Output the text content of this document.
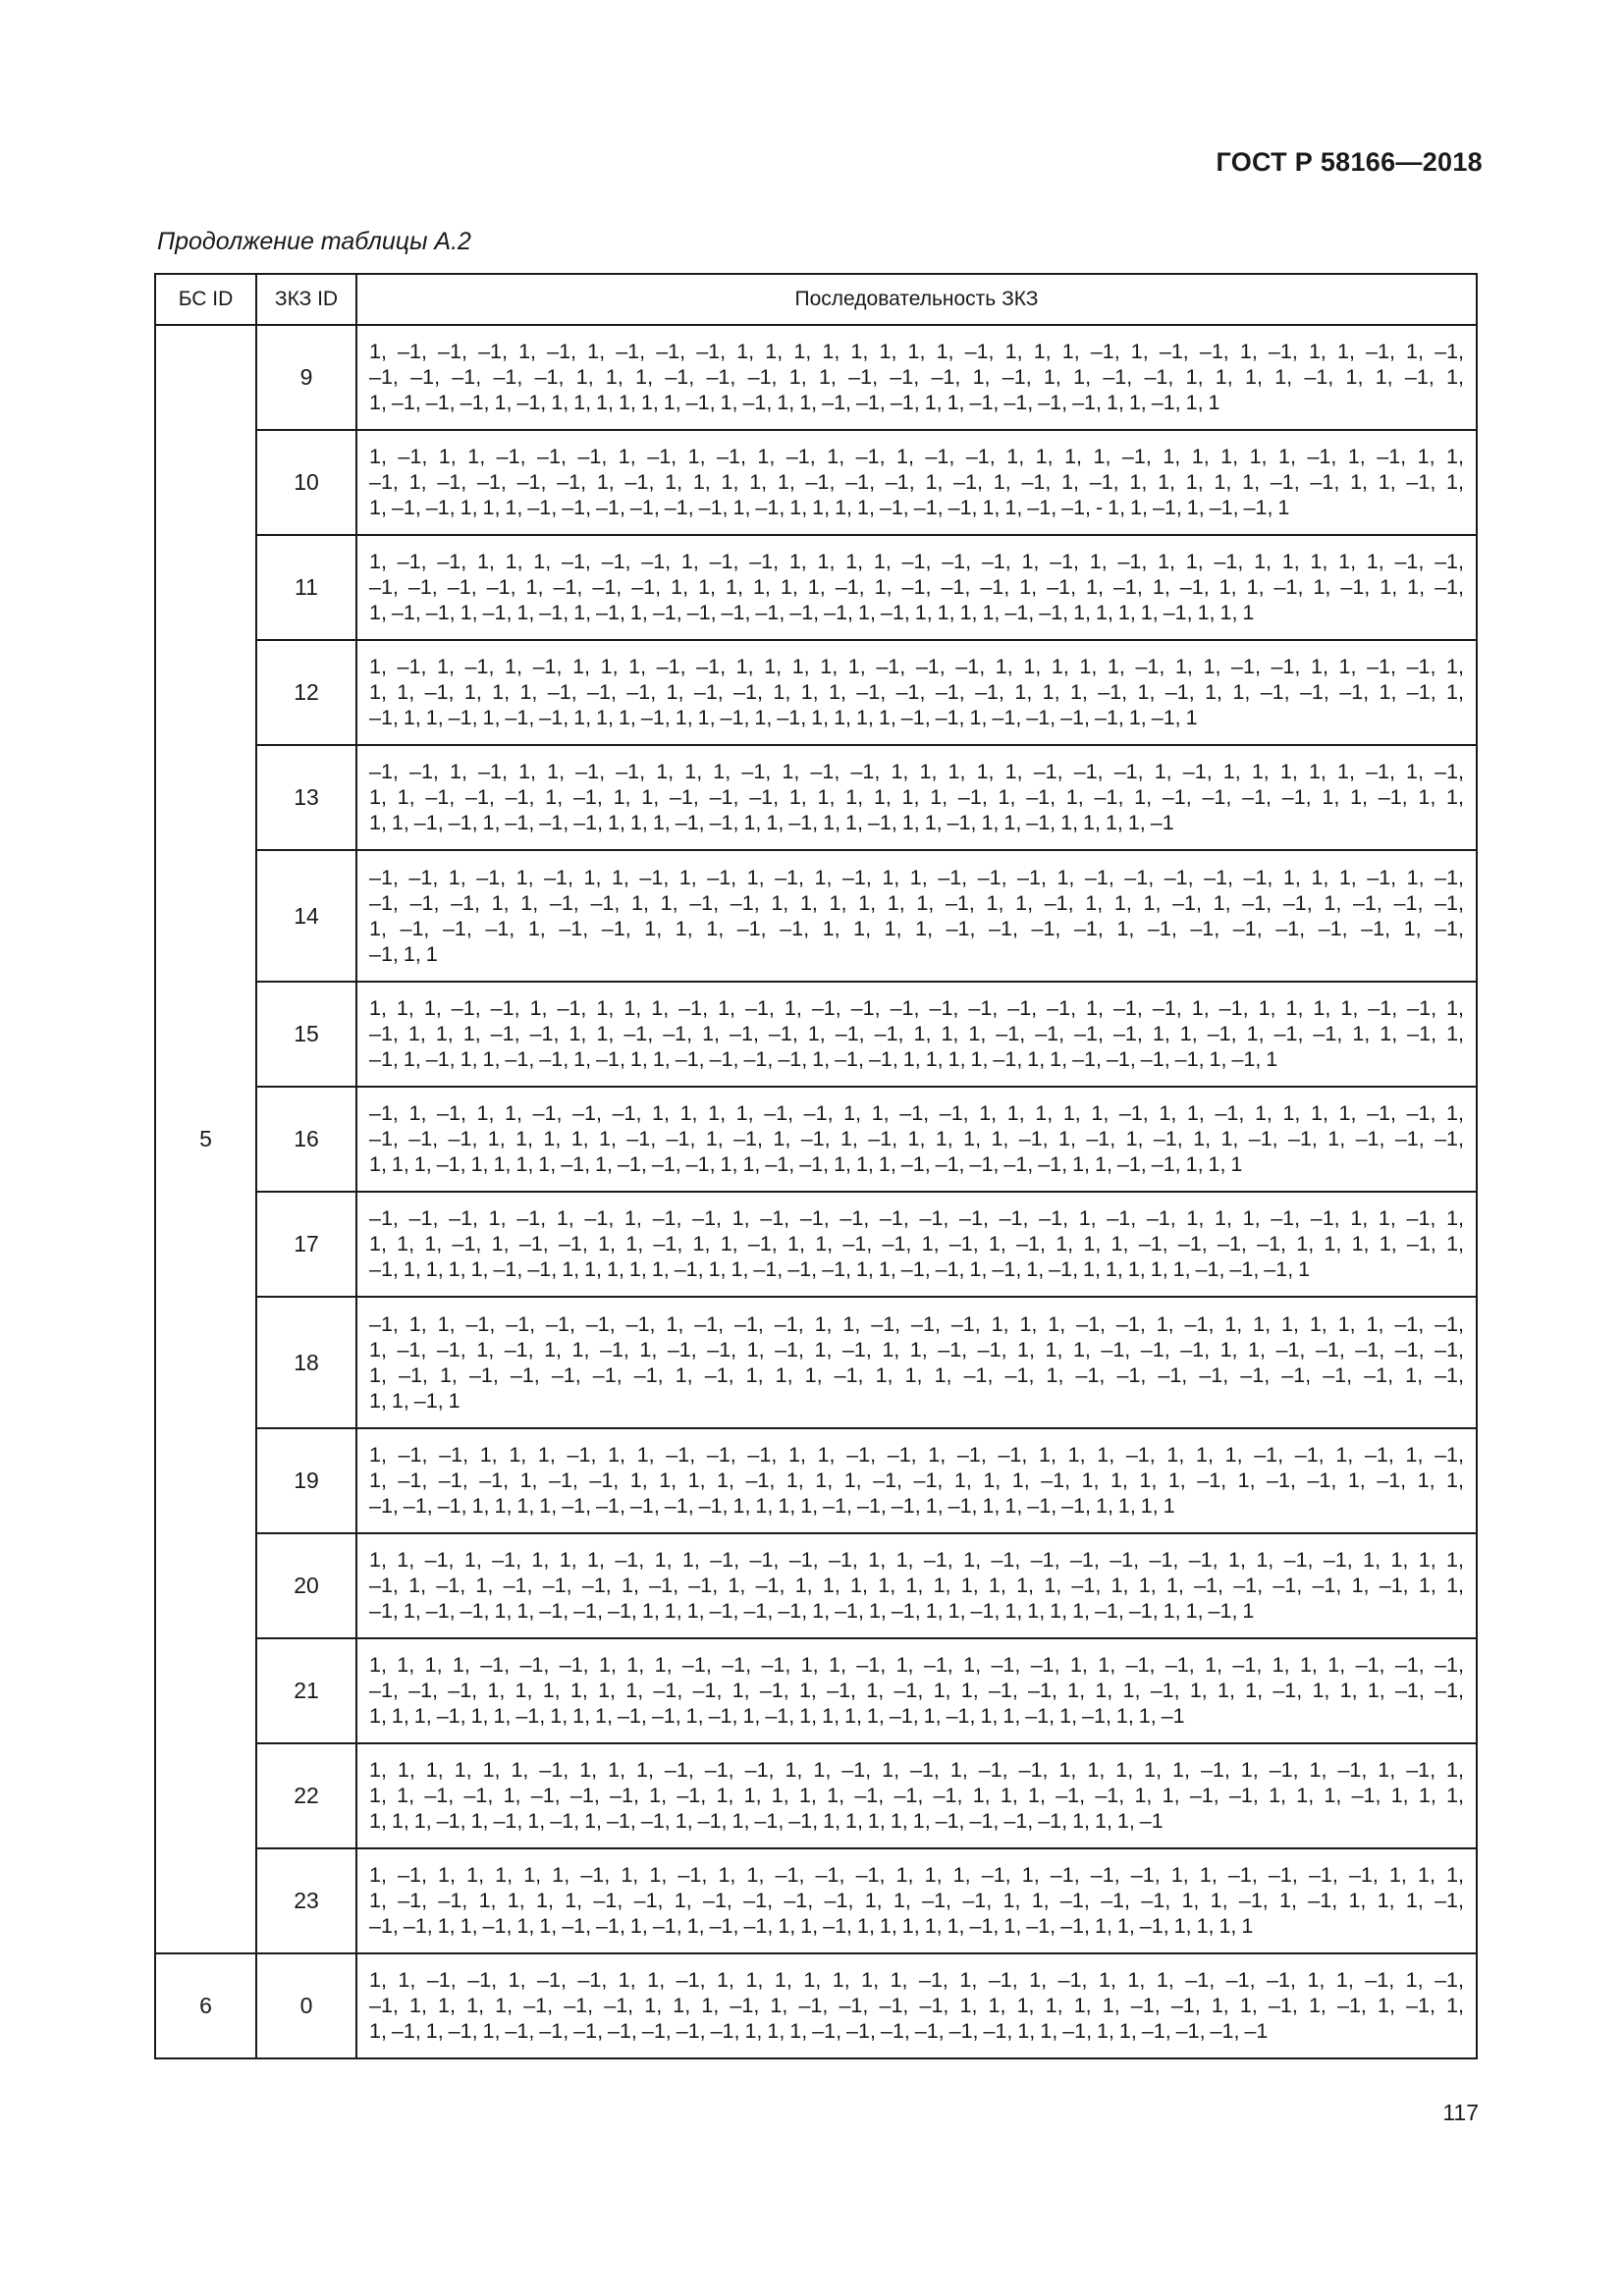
ГОСТ Р 58166—2018
Продолжение таблицы А.2
БС ID	ЗКЗ ID	Последовательность ЗКЗ
5	9	1, –1, –1, –1, 1, –1, 1, –1, –1, –1, 1, 1, 1, 1, 1, 1, 1, 1, –1, 1, 1, 1, –1, 1, –1, –1, 1, –1, 1, 1, –1, 1, –1,
–1, –1, –1, –1, –1, 1, 1, 1, –1, –1, –1, 1, 1, –1, –1, –1, 1, –1, 1, 1, –1, –1, 1, 1, 1, 1, –1, 1, 1, –1, 1,
1, –1, –1, –1, 1, –1, 1, 1, 1, 1, 1, 1, –1, 1, –1, 1, 1, –1, –1, –1, 1, 1, –1, –1, –1, –1, 1, 1, –1, 1, 1

	10	1, –1, 1, 1, –1, –1, –1, 1, –1, 1, –1, 1, –1, 1, –1, 1, –1, –1, 1, 1, 1, 1, –1, 1, 1, 1, 1, 1, –1, 1, –1, 1, 1,
–1, 1, –1, –1, –1, –1, 1, –1, 1, 1, 1, 1, 1, –1, –1, –1, 1, –1, 1, –1, 1, –1, 1, 1, 1, 1, 1, –1, –1, 1, 1, –1, 1,
1, –1, –1, 1, 1, 1, –1, –1, –1, –1, –1, –1, 1, –1, 1, 1, 1, 1, –1, –1, –1, 1, 1, –1, –1, - 1, 1, –1, 1, –1, –1, 1

	11	1, –1, –1, 1, 1, 1, –1, –1, –1, 1, –1, –1, 1, 1, 1, 1, –1, –1, –1, 1, –1, 1, –1, 1, 1, –1, 1, 1, 1, 1, 1, –1, –1,
–1, –1, –1, –1, 1, –1, –1, –1, 1, 1, 1, 1, 1, 1, –1, 1, –1, –1, –1, 1, –1, 1, –1, 1, –1, 1, 1, –1, 1, –1, 1, 1, –1,
1, –1, –1, 1, –1, 1, –1, 1, –1, 1, –1, –1, –1, –1, –1, –1, 1, –1, 1, 1, 1, 1, –1, –1, 1, 1, 1, 1, –1, 1, 1, 1

	12	1, –1, 1, –1, 1, –1, 1, 1, 1, –1, –1, 1, 1, 1, 1, 1, –1, –1, –1, 1, 1, 1, 1, 1, –1, 1, 1, –1, –1, 1, 1, –1, –1, 1,
1, 1, –1, 1, 1, 1, –1, –1, –1, 1, –1, –1, 1, 1, 1, –1, –1, –1, –1, 1, 1, 1, –1, 1, –1, 1, 1, –1, –1, –1, 1, –1, 1,
–1, 1, 1, –1, 1, –1, –1, 1, 1, 1, –1, 1, 1, –1, 1, –1, 1, 1, 1, 1, –1, –1, 1, –1, –1, –1, –1, 1, –1, 1

	13	–1, –1, 1, –1, 1, 1, –1, –1, 1, 1, 1, –1, 1, –1, –1, 1, 1, 1, 1, 1, –1, –1, –1, 1, –1, 1, 1, 1, 1, 1, –1, 1, –1,
1, 1, –1, –1, –1, 1, –1, 1, 1, –1, –1, –1, 1, 1, 1, 1, 1, 1, –1, 1, –1, 1, –1, 1, –1, –1, –1, –1, 1, 1, –1, 1, 1,
1, 1, –1, –1, 1, –1, –1, –1, 1, 1, 1, –1, –1, 1, 1, –1, 1, 1, –1, 1, 1, –1, 1, 1, –1, 1, 1, 1, 1, –1

	14	–1, –1, 1, –1, 1, –1, 1, 1, –1, 1, –1, 1, –1, 1, –1, 1, 1, –1, –1, –1, 1, –1, –1, –1, –1, –1, 1, 1, 1, –1, 1, –1,
–1, –1, –1, 1, 1, –1, –1, 1, 1, –1, –1, 1, 1, 1, 1, 1, 1, –1, 1, 1, –1, 1, 1, 1, –1, 1, –1, –1, 1, –1, –1, –1,
1, –1, –1, –1, 1, –1, –1, 1, 1, 1, –1, –1, 1, 1, 1, 1, –1, –1, –1, –1, 1, –1, –1, –1, –1, –1, –1, 1, –1,
–1, 1, 1

	15	1, 1, 1, –1, –1, 1, –1, 1, 1, 1, –1, 1, –1, 1, –1, –1, –1, –1, –1, –1, –1, 1, –1, –1, 1, –1, 1, 1, 1, 1, –1, –1, 1,
–1, 1, 1, 1, –1, –1, 1, 1, –1, –1, 1, –1, –1, 1, –1, –1, 1, 1, 1, –1, –1, –1, –1, 1, 1, –1, 1, –1, –1, 1, 1, –1, 1,
–1, 1, –1, 1, 1, –1, –1, 1, –1, 1, 1, –1, –1, –1, –1, 1, –1, –1, 1, 1, 1, 1, –1, 1, 1, –1, –1, –1, –1, 1, –1, 1

	16	–1, 1, –1, 1, 1, –1, –1, –1, 1, 1, 1, 1, –1, –1, 1, 1, –1, –1, 1, 1, 1, 1, 1, –1, 1, 1, –1, 1, 1, 1, 1, –1, –1, 1,
–1, –1, –1, 1, 1, 1, 1, 1, –1, –1, 1, –1, 1, –1, 1, –1, 1, 1, 1, 1, –1, 1, –1, 1, –1, 1, 1, –1, –1, 1, –1, –1, –1,
1, 1, 1, –1, 1, 1, 1, 1, –1, 1, –1, –1, –1, 1, 1, –1, –1, 1, 1, 1, –1, –1, –1, –1, –1, 1, 1, –1, –1, 1, 1, 1

	17	–1, –1, –1, 1, –1, 1, –1, 1, –1, –1, 1, –1, –1, –1, –1, –1, –1, –1, –1, 1, –1, –1, 1, 1, 1, –1, –1, 1, 1, –1, 1,
1, 1, 1, –1, 1, –1, –1, 1, 1, –1, 1, 1, –1, 1, 1, –1, –1, 1, –1, 1, –1, 1, 1, 1, –1, –1, –1, –1, 1, 1, 1, 1, –1, 1,
–1, 1, 1, 1, 1, –1, –1, 1, 1, 1, 1, 1, –1, 1, 1, –1, –1, –1, 1, 1, –1, –1, 1, –1, 1, –1, 1, 1, 1, 1, 1, –1, –1, –1, 1

	18	–1, 1, 1, –1, –1, –1, –1, –1, 1, –1, –1, –1, 1, 1, –1, –1, –1, 1, 1, 1, –1, –1, 1, –1, 1, 1, 1, 1, 1, 1, –1, –1,
1, –1, –1, 1, –1, 1, 1, –1, 1, –1, –1, 1, –1, 1, –1, 1, 1, –1, –1, 1, 1, 1, –1, –1, –1, 1, 1, –1, –1, –1, –1, –1,
1, –1, 1, –1, –1, –1, –1, –1, 1, –1, 1, 1, 1, –1, 1, 1, 1, –1, –1, 1, –1, –1, –1, –1, –1, –1, –1, –1, 1, –1,
1, 1, –1, 1

	19	1, –1, –1, 1, 1, 1, –1, 1, 1, –1, –1, –1, 1, 1, –1, –1, 1, –1, –1, 1, 1, 1, –1, 1, 1, 1, –1, –1, 1, –1, 1, –1,
1, –1, –1, –1, 1, –1, –1, 1, 1, 1, 1, –1, 1, 1, 1, –1, –1, 1, 1, 1, –1, 1, 1, 1, 1, –1, 1, –1, –1, 1, –1, 1, 1,
–1, –1, –1, 1, 1, 1, 1, –1, –1, –1, –1, –1, 1, 1, 1, 1, –1, –1, –1, 1, –1, 1, 1, –1, –1, 1, 1, 1, 1

	20	1, 1, –1, 1, –1, 1, 1, 1, –1, 1, 1, –1, –1, –1, –1, 1, 1, –1, 1, –1, –1, –1, –1, –1, –1, 1, 1, –1, –1, 1, 1, 1, 1,
–1, 1, –1, 1, –1, –1, –1, 1, –1, –1, 1, –1, 1, 1, 1, 1, 1, 1, 1, 1, 1, 1, –1, 1, 1, 1, –1, –1, –1, –1, 1, –1, 1, 1,
–1, 1, –1, –1, 1, 1, –1, –1, –1, 1, 1, 1, –1, –1, –1, 1, –1, 1, –1, 1, 1, –1, 1, 1, 1, 1, –1, –1, 1, 1, –1, 1

	21	1, 1, 1, 1, –1, –1, –1, 1, 1, 1, –1, –1, –1, 1, 1, –1, 1, –1, 1, –1, –1, 1, 1, –1, –1, 1, –1, 1, 1, 1, –1, –1, –1,
–1, –1, –1, 1, 1, 1, 1, 1, 1, –1, –1, 1, –1, 1, –1, 1, –1, 1, 1, –1, –1, 1, 1, 1, –1, 1, 1, 1, –1, 1, 1, 1, –1, –1,
1, 1, 1, –1, 1, 1, –1, 1, 1, 1, –1, –1, 1, –1, 1, –1, 1, 1, 1, 1, –1, 1, –1, 1, 1, –1, 1, –1, 1, 1, –1

	22	1, 1, 1, 1, 1, 1, –1, 1, 1, 1, –1, –1, –1, 1, 1, –1, 1, –1, 1, –1, –1, 1, 1, 1, 1, 1, –1, 1, –1, 1, –1, 1, –1, 1,
1, 1, –1, –1, 1, –1, –1, –1, 1, –1, 1, 1, 1, 1, 1, –1, –1, –1, 1, 1, 1, –1, –1, 1, 1, –1, –1, 1, 1, 1, –1, 1, 1, 1,
1, 1, 1, –1, 1, –1, 1, –1, 1, –1, –1, 1, –1, 1, –1, –1, 1, 1, 1, 1, 1, –1, –1, –1, –1, 1, 1, 1, –1

	23	1, –1, 1, 1, 1, 1, 1, –1, 1, 1, –1, 1, 1, –1, –1, –1, 1, 1, 1, –1, 1, –1, –1, –1, 1, 1, –1, –1, –1, –1, 1, 1, 1,
1, –1, –1, 1, 1, 1, 1, –1, –1, 1, –1, –1, –1, –1, 1, 1, –1, –1, 1, 1, –1, –1, –1, 1, 1, –1, 1, –1, 1, 1, 1, –1,
–1, –1, 1, 1, –1, 1, 1, –1, –1, 1, –1, 1, –1, –1, 1, 1, –1, 1, 1, 1, 1, 1, –1, 1, –1, –1, 1, 1, –1, 1, 1, 1, 1

6	0	1, 1, –1, –1, 1, –1, –1, 1, 1, –1, 1, 1, 1, 1, 1, 1, 1, –1, 1, –1, 1, –1, 1, 1, 1, –1, –1, –1, 1, 1, –1, 1, –1,
–1, 1, 1, 1, 1, –1, –1, –1, 1, 1, 1, –1, 1, –1, –1, –1, –1, 1, 1, 1, 1, 1, 1, –1, –1, 1, 1, –1, 1, –1, 1, –1, 1,
1, –1, 1, –1, 1, –1, –1, –1, –1, –1, –1, –1, 1, 1, 1, –1, –1, –1, –1, –1, –1, 1, 1, –1, 1, 1, –1, –1, –1, –1
117
